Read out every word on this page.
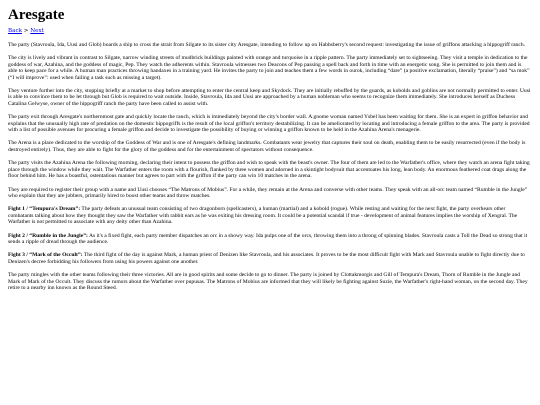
Aresgate
Back > Next

The party (Stavroula, Ida, Uusi and Glob) boards a ship to cross the strait from Silgate to its sister city Aresgate, intending to follow up on Habbsberry's second request: investigating the issue of griffons attacking a hippogriff ranch.

The city is lively and vibrant in contrast to Silgate, narrow winding streets of mudbrick buildings painted with orange and turquoise in a ripple pattern. The party immediately set to sightseeing. They visit a temple in dedication to the goddess of war, Azahina, and the goddess of magic, Pep. They watch the adherents within. Stavroula witnesses two Deacons of Pep passing a spell back and forth in time with an energetic song. She is permitted to join them and is able to keep pace for a while. A human man practices throwing handaxes in a training yard. He invites the party to join and teaches them a few words in ourok, including “dare” (a positive exclamation, literally “praise”) and “sa mok” (“I will improve”: used when failing a task such as missing a target).

They venture further into the city, stopping briefly at a market to shop before attempting to enter the central keep and Skydock. They are initially rebuffed by the guards, as kobolds and goblins are not normally permitted to enter. Uusi is able to convince them to be let through but Glob is required to wait outside. Inside, Stavroula, Ida and Uusi are approached by a human nobleman who seems to recognize them immediately. She introduces herself as Duchess Catalina Gelwyse, owner of the hippogriff ranch the party have been called to assist with.

The party exit through Aresgate's northernmost gate and quickly locate the ranch, which is immediately beyond the city's border wall. A gnome woman named Ysbel has been waiting for them. She is an expert in griffon behavior and explains that the unusually high rate of predation on the domestic hippogriffs is the result of the local griffon's territory destabilizing. It can be ameliorated by locating and introducing a female griffon to the area. The party is provided with a list of possible avenues for procuring a female griffon and decide to investigate the possibility of buying or winning a griffon known to be held in the Azahina Arena's menagerie.

The Arena is a place dedicated to the worship of the Goddess of War and is one of Aresgate's defining landmarks. Combatants wear jewelry that captures their soul on death, enabling them to be easily resurrected (even if the body is destroyed entirely). Thus, they are able to fight for the glory of the goddess and for the entertainment of spectators without consequence.

The party visits the Azahina Arena the following morning, declaring their intent to possess the griffon and wish to speak with the beast's owner. The four of them are led to the Warfather's office, where they watch an arena fight taking place through the window while they wait. The Warfather enters the room with a flourish, flanked by three women and adorned in a skintight bodysuit that accentuates his long, lean body. An enormous feathered coat drags along the floor behind him. He has a boastful, ostentatious manner but agrees to part with the griffon if the party can win 10 matches in the arena.

They are required to register their group with a name and Uusi chooses “The Matrons of Mobius”. For a while, they remain at the Arena and converse with other teams. They speak with an all-orc team named “Rumble in the Jungle” who explain that they are jobbers, primarily hired to boost other teams and throw matches.

Fight 1 / “Tempura's Dream”: The party defeats an unusual team consisting of two dragonborn (spellcasters), a human (martial) and a kobold (rogue). While resting and waiting for the next fight, the party overhears other combatants talking about how they thought they saw the Warfather with rabbit ears as he was exiting his dressing room. It could be a potential scandal if true - development of animal features implies the worship of Xengral. The Warfather is not permitted to associate with any deity other than Azahina.

Fight 2 / “Rumble in the Jungle”: As it's a fixed fight, each party member dispatches an orc in a showy way. Ida pulps one of the orcs, throwing them into a throng of spinning blades. Stavroula casts a Toll the Dead so strong that it sends a ripple of dread through the audience.

Fight 3 / “Mark of the Occult”: The third fight of the day is against Mark, a human priest of Denizen like Stavroula, and his associates. It proves to be the most difficult fight with Mark and Stavroula unable to fight directly due to Denizen's decree forbidding his followers from using his powers against one another.

The party mingles with the other teams following their three victories. All are in good spirits and some decide to go to dinner. The party is joined by Clottakmorgis and Gill of Tempura's Dream, Thorn of Rumble in the Jungle and Mark of Mark of the Occult. They discuss the rumors about the Warfather over pupusas. The Matrons of Mobius are informed that they will likely be fighting against Suzie, the Warfather's right-hand woman, on the second day. They retire to a nearby inn known as the Round Steed.
